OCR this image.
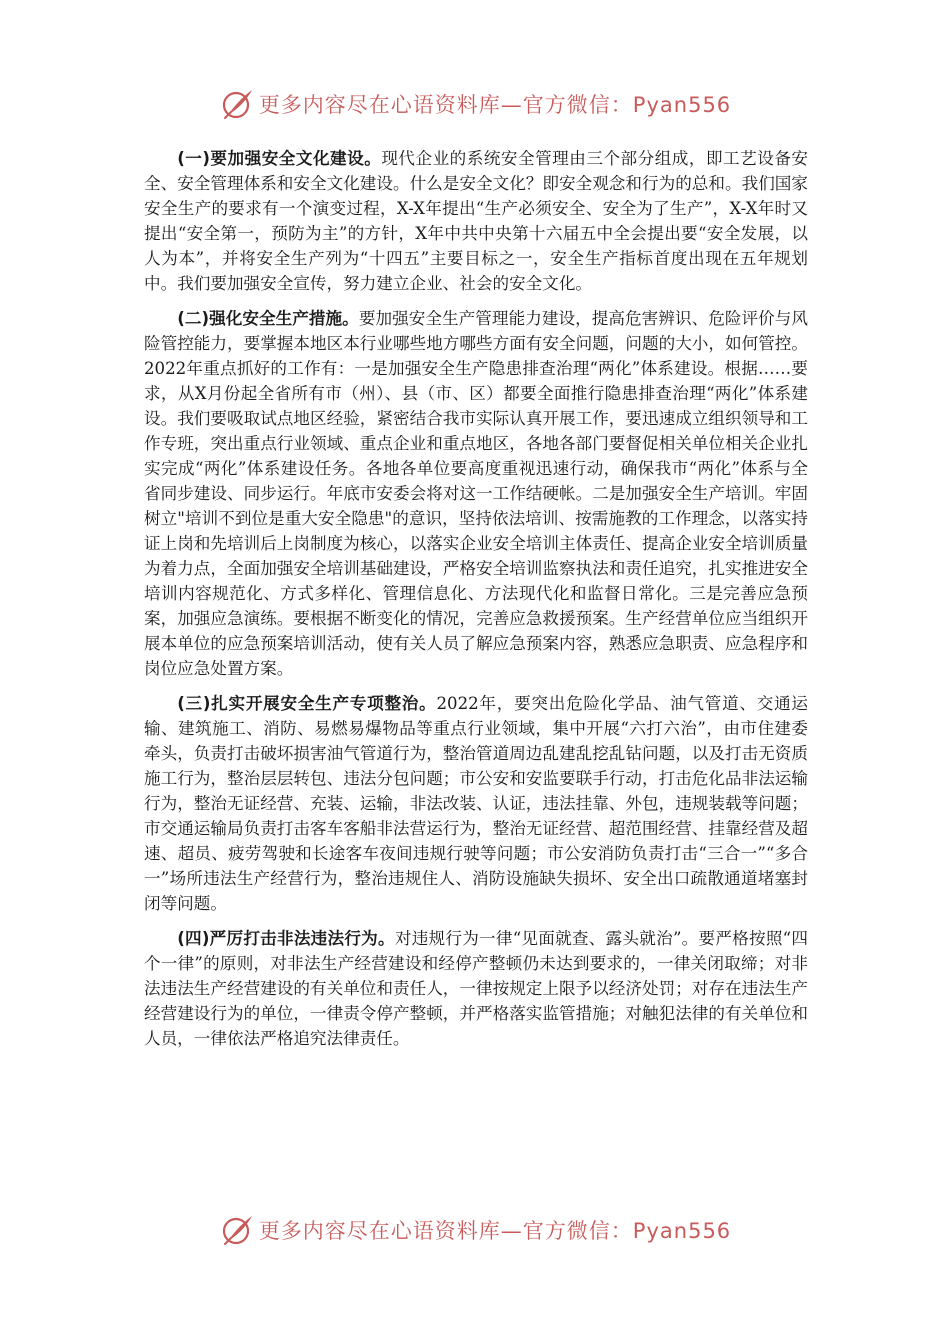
更多内容尽在心语资料库—官方微信：Pyan556

(一)要加强安全文化建设。现代企业的系统安全管理由三个部分组成，即工艺设备安全、安全管理体系和安全文化建设。什么是安全文化？即安全观念和行为的总和。我们国家安全生产的要求有一个演变过程，X-X年提出“生产必须安全、安全为了生产”，X-X年时又提出“安全第一，预防为主”的方针，X年中共中央第十六届五中全会提出要“安全发展，以人为本”，并将安全生产列为“十四五”主要目标之一，安全生产指标首度出现在五年规划中。我们要加强安全宣传，努力建立企业、社会的安全文化。

(二)强化安全生产措施。要加强安全生产管理能力建设，提高危害辨识、危险评价与风险管控能力，要掌握本地区本行业哪些地方哪些方面有安全问题，问题的大小，如何管控。2022年重点抓好的工作有：一是加强安全生产隐患排查治理“两化”体系建设。根据……要求，从X月份起全省所有市（州）、县（市、区）都要全面推行隐患排查治理“两化”体系建设。我们要吸取试点地区经验，紧密结合我市实际认真开展工作，要迅速成立组织领导和工作专班，突出重点行业领域、重点企业和重点地区，各地各部门要督促相关单位相关企业扎实完成“两化”体系建设任务。各地各单位要高度重视迅速行动，确保我市“两化”体系与全省同步建设、同步运行。年底市安委会将对这一工作结硬帐。二是加强安全生产培训。牢固树立"培训不到位是重大安全隐患"的意识，坚持依法培训、按需施教的工作理念，以落实持证上岗和先培训后上岗制度为核心，以落实企业安全培训主体责任、提高企业安全培训质量为着力点，全面加强安全培训基础建设，严格安全培训监察执法和责任追究，扎实推进安全培训内容规范化、方式多样化、管理信息化、方法现代化和监督日常化。三是完善应急预案，加强应急演练。要根据不断变化的情况，完善应急救援预案。生产经营单位应当组织开展本单位的应急预案培训活动，使有关人员了解应急预案内容，熟悉应急职责、应急程序和岗位应急处置方案。

(三)扎实开展安全生产专项整治。2022年，要突出危险化学品、油气管道、交通运输、建筑施工、消防、易燃易爆物品等重点行业领域，集中开展“六打六治”，由市住建委牵头，负责打击破坏损害油气管道行为，整治管道周边乱建乱挖乱钻问题，以及打击无资质施工行为，整治层层转包、违法分包问题；市公安和安监要联手行动，打击危化品非法运输行为，整治无证经营、充装、运输，非法改装、认证，违法挂靠、外包，违规装载等问题；市交通运输局负责打击客车客船非法营运行为，整治无证经营、超范围经营、挂靠经营及超速、超员、疲劳驾驶和长途客车夜间违规行驶等问题；市公安消防负责打击“三合一”“多合一”场所违法生产经营行为，整治违规住人、消防设施缺失损坏、安全出口疏散通道堵塞封闭等问题。

(四)严厉打击非法违法行为。对违规行为一律“见面就查、露头就治”。要严格按照“四个一律”的原则，对非法生产经营建设和经停产整顿仍未达到要求的，一律关闭取缔；对非法违法生产经营建设的有关单位和责任人，一律按规定上限予以经济处罚；对存在违法生产经营建设行为的单位，一律责令停产整顿，并严格落实监管措施；对触犯法律的有关单位和人员，一律依法严格追究法律责任。

更多内容尽在心语资料库—官方微信：Pyan556
